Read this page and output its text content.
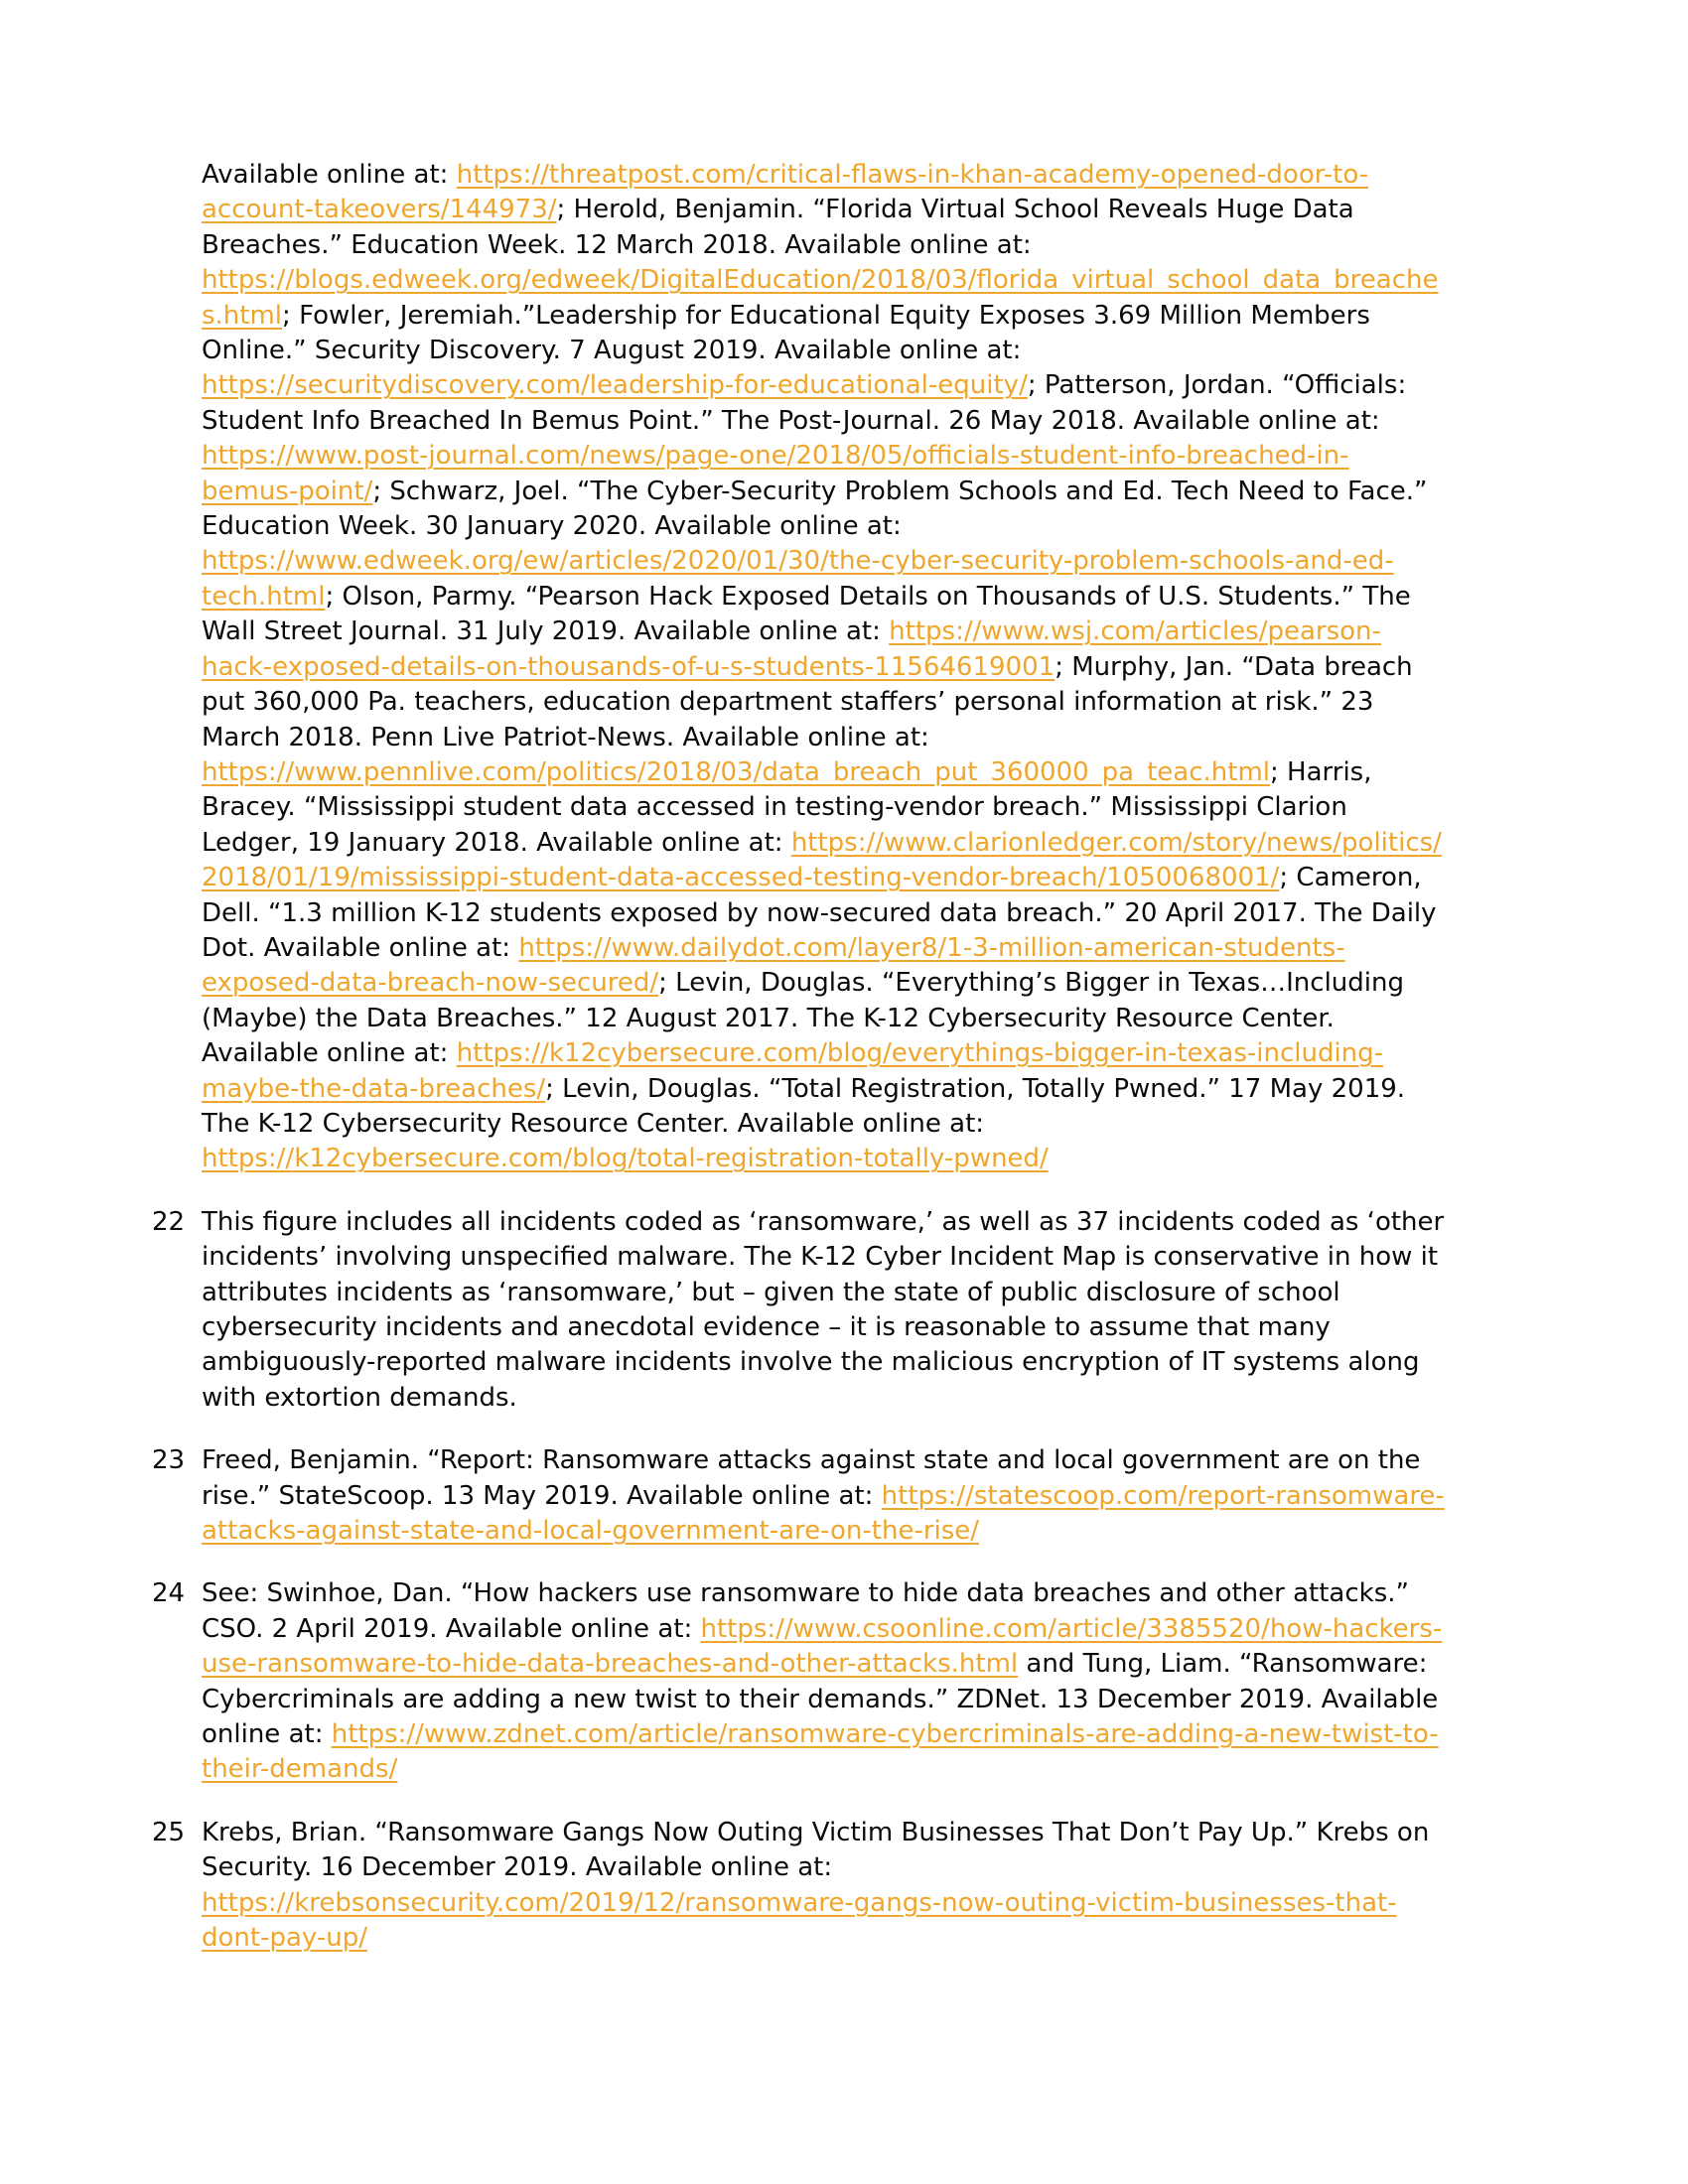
Available online at: https://threatpost.com/critical-flaws-in-khan-academy-opened-door-to-
account-takeovers/144973/; Herold, Benjamin. “Florida Virtual School Reveals Huge Data
Breaches.” Education Week. 12 March 2018. Available online at:
https://blogs.edweek.org/edweek/DigitalEducation/2018/03/florida_virtual_school_data_breache
s.html; Fowler, Jeremiah.”Leadership for Educational Equity Exposes 3.69 Million Members
Online.” Security Discovery. 7 August 2019. Available online at:
https://securitydiscovery.com/leadership-for-educational-equity/; Patterson, Jordan. “Officials:
Student Info Breached In Bemus Point.” The Post-Journal. 26 May 2018. Available online at:
https://www.post-journal.com/news/page-one/2018/05/officials-student-info-breached-in-
bemus-point/; Schwarz, Joel. “The Cyber-Security Problem Schools and Ed. Tech Need to Face.”
Education Week. 30 January 2020. Available online at:
https://www.edweek.org/ew/articles/2020/01/30/the-cyber-security-problem-schools-and-ed-
tech.html; Olson, Parmy. “Pearson Hack Exposed Details on Thousands of U.S. Students.” The
Wall Street Journal. 31 July 2019. Available online at: https://www.wsj.com/articles/pearson-
hack-exposed-details-on-thousands-of-u-s-students-11564619001; Murphy, Jan. “Data breach
put 360,000 Pa. teachers, education department staffers’ personal information at risk.” 23
March 2018. Penn Live Patriot-News. Available online at:
https://www.pennlive.com/politics/2018/03/data_breach_put_360000_pa_teac.html; Harris,
Bracey. “Mississippi student data accessed in testing-vendor breach.” Mississippi Clarion
Ledger, 19 January 2018. Available online at: https://www.clarionledger.com/story/news/politics/
2018/01/19/mississippi-student-data-accessed-testing-vendor-breach/1050068001/; Cameron,
Dell. “1.3 million K-12 students exposed by now-secured data breach.” 20 April 2017. The Daily
Dot. Available online at: https://www.dailydot.com/layer8/1-3-million-american-students-
exposed-data-breach-now-secured/; Levin, Douglas. “Everything’s Bigger in Texas…Including
(Maybe) the Data Breaches.” 12 August 2017. The K-12 Cybersecurity Resource Center.
Available online at: https://k12cybersecure.com/blog/everythings-bigger-in-texas-including-
maybe-the-data-breaches/; Levin, Douglas. “Total Registration, Totally Pwned.” 17 May 2019.
The K-12 Cybersecurity Resource Center. Available online at:
https://k12cybersecure.com/blog/total-registration-totally-pwned/
22 This figure includes all incidents coded as ‘ransomware,’ as well as 37 incidents coded as ‘other
incidents’ involving unspecified malware. The K-12 Cyber Incident Map is conservative in how it
attributes incidents as ‘ransomware,’ but – given the state of public disclosure of school
cybersecurity incidents and anecdotal evidence – it is reasonable to assume that many
ambiguously-reported malware incidents involve the malicious encryption of IT systems along
with extortion demands.
23 Freed, Benjamin. “Report: Ransomware attacks against state and local government are on the
rise.” StateScoop. 13 May 2019. Available online at: https://statescoop.com/report-ransomware-
attacks-against-state-and-local-government-are-on-the-rise/
24 See: Swinhoe, Dan. “How hackers use ransomware to hide data breaches and other attacks.”
CSO. 2 April 2019. Available online at: https://www.csoonline.com/article/3385520/how-hackers-
use-ransomware-to-hide-data-breaches-and-other-attacks.html and Tung, Liam. “Ransomware:
Cybercriminals are adding a new twist to their demands.” ZDNet. 13 December 2019. Available
online at: https://www.zdnet.com/article/ransomware-cybercriminals-are-adding-a-new-twist-to-
their-demands/
25 Krebs, Brian. “Ransomware Gangs Now Outing Victim Businesses That Don’t Pay Up.” Krebs on
Security. 16 December 2019. Available online at:
https://krebsonsecurity.com/2019/12/ransomware-gangs-now-outing-victim-businesses-that-
dont-pay-up/
